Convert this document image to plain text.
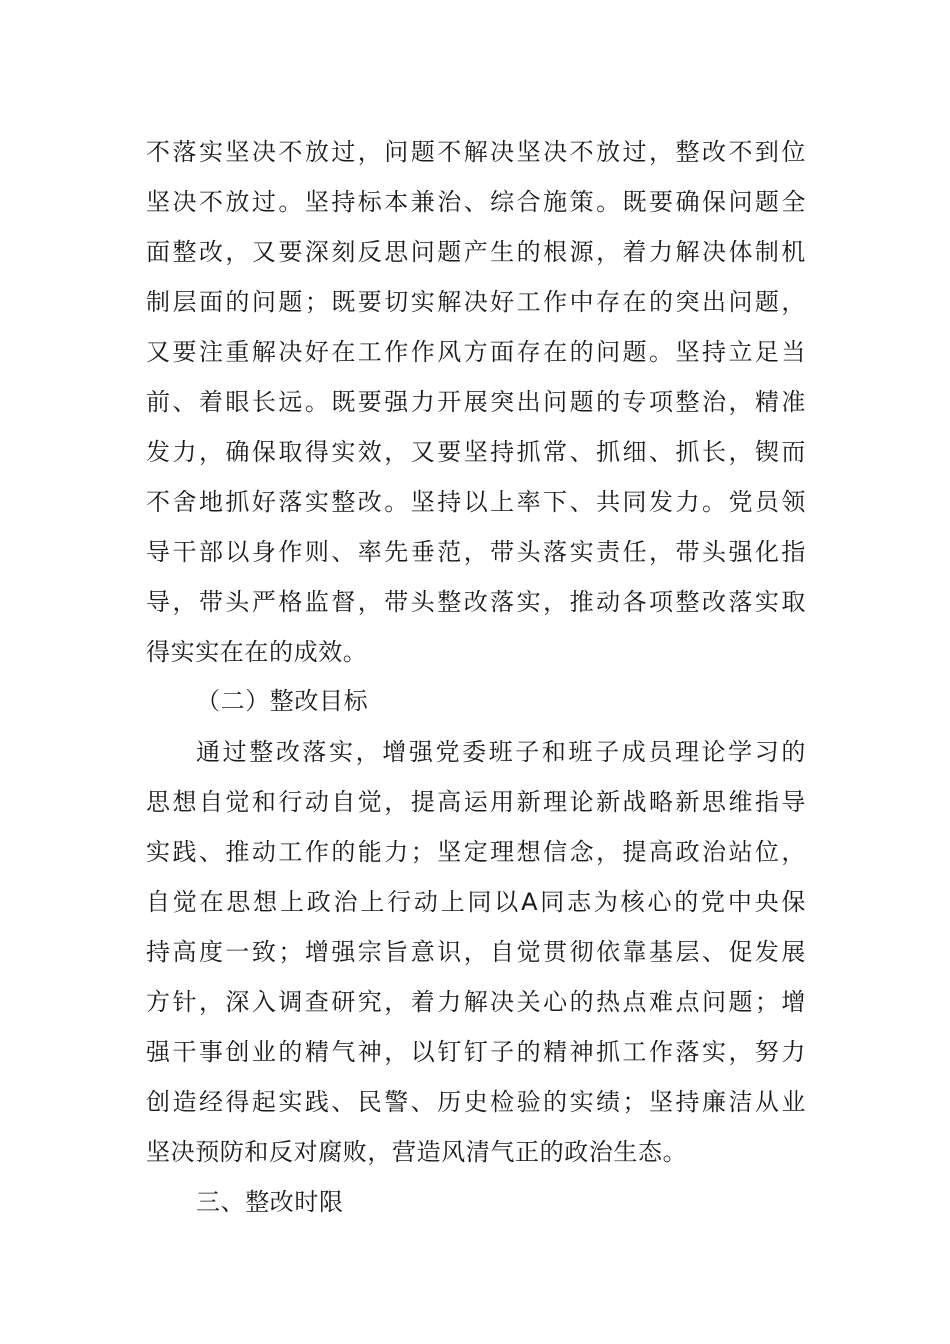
不落实坚决不放过，问题不解决坚决不放过，整改不到位
坚决不放过。坚持标本兼治、综合施策。既要确保问题全
面整改，又要深刻反思问题产生的根源，着力解决体制机
制层面的问题；既要切实解决好工作中存在的突出问题，
又要注重解决好在工作作风方面存在的问题。坚持立足当
前、着眼长远。既要强力开展突出问题的专项整治，精准
发力，确保取得实效，又要坚持抓常、抓细、抓长，锲而
不舍地抓好落实整改。坚持以上率下、共同发力。党员领
导干部以身作则、率先垂范，带头落实责任，带头强化指
导，带头严格监督，带头整改落实，推动各项整改落实取
得实实在在的成效。
（二）整改目标
通过整改落实，增强党委班子和班子成员理论学习的
思想自觉和行动自觉，提高运用新理论新战略新思维指导
实践、推动工作的能力；坚定理想信念，提高政治站位，
自觉在思想上政治上行动上同以A同志为核心的党中央保
持高度一致；增强宗旨意识，自觉贯彻依靠基层、促发展
方针，深入调查研究，着力解决关心的热点难点问题；增
强干事创业的精气神，以钉钉子的精神抓工作落实，努力
创造经得起实践、民警、历史检验的实绩；坚持廉洁从业
坚决预防和反对腐败，营造风清气正的政治生态。
三、整改时限
